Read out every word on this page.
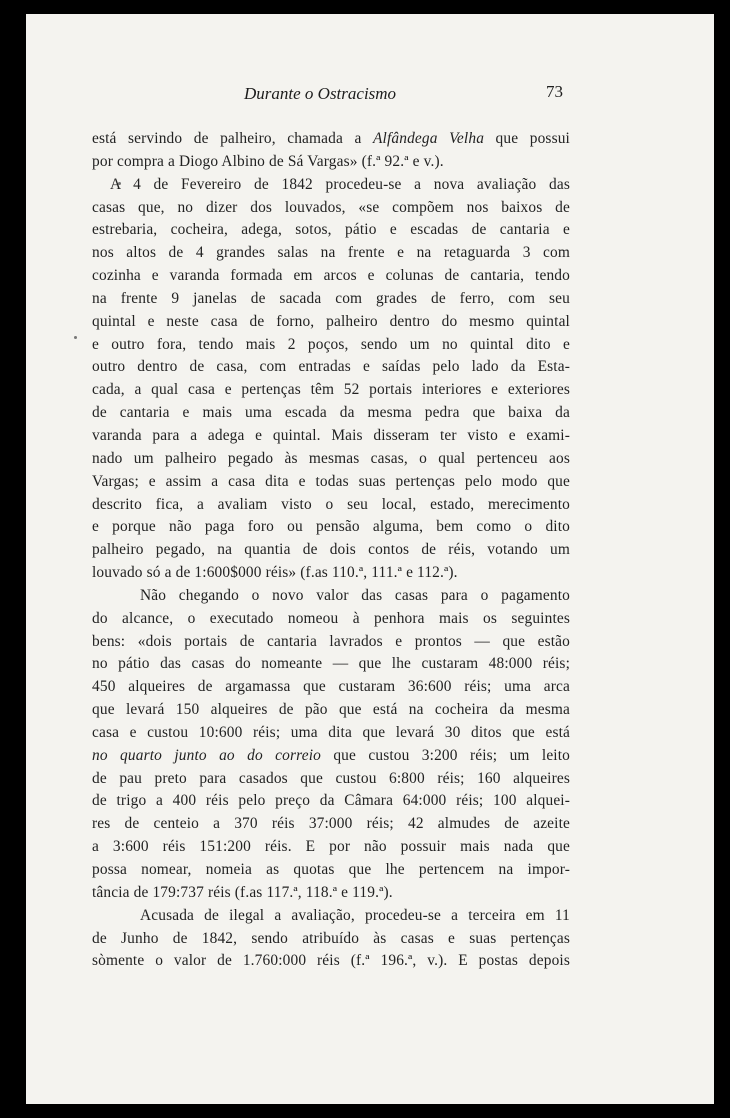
Durante o Ostracismo	73
está servindo de palheiro, chamada a Alfândega Velha que possui
por compra a Diogo Albino de Sá Vargas» (f.ª 92.ª e v.).
A 4 de Fevereiro de 1842 procedeu-se a nova avaliação das
casas que, no dizer dos louvados, «se compõem nos baixos de
estrebaria, cocheira, adega, sotos, pátio e escadas de cantaria e
nos altos de 4 grandes salas na frente e na retaguarda 3 com
cozinha e varanda formada em arcos e colunas de cantaria, tendo
na frente 9 janelas de sacada com grades de ferro, com seu
quintal e neste casa de forno, palheiro dentro do mesmo quintal
e outro fora, tendo mais 2 poços, sendo um no quintal dito e
outro dentro de casa, com entradas e saídas pelo lado da Esta-
cada, a qual casa e pertenças têm 52 portais interiores e exteriores
de cantaria e mais uma escada da mesma pedra que baixa da
varanda para a adega e quintal. Mais disseram ter visto e exami-
nado um palheiro pegado às mesmas casas, o qual pertenceu aos
Vargas; e assim a casa dita e todas suas pertenças pelo modo que
descrito fica, a avaliam visto o seu local, estado, merecimento
e porque não paga foro ou pensão alguma, bem como o dito
palheiro pegado, na quantia de dois contos de réis, votando um
louvado só a de 1:600$000 réis» (f.as 110.ª, 111.ª e 112.ª).
Não chegando o novo valor das casas para o pagamento
do alcance, o executado nomeou à penhora mais os seguintes
bens: «dois portais de cantaria lavrados e prontos — que estão
no pátio das casas do nomeante — que lhe custaram 48:000 réis;
450 alqueires de argamassa que custaram 36:600 réis; uma arca
que levará 150 alqueires de pão que está na cocheira da mesma
casa e custou 10:600 réis; uma dita que levará 30 ditos que está
no quarto junto ao do correio que custou 3:200 réis; um leito
de pau preto para casados que custou 6:800 réis; 160 alqueires
de trigo a 400 réis pelo preço da Câmara 64:000 réis; 100 alquei-
res de centeio a 370 réis 37:000 réis; 42 almudes de azeite
a 3:600 réis 151:200 réis. E por não possuir mais nada que
possa nomear, nomeia as quotas que lhe pertencem na impor-
tância de 179:737 réis (f.as 117.ª, 118.ª e 119.ª).
Acusada de ilegal a avaliação, procedeu-se a terceira em 11
de Junho de 1842, sendo atribuído às casas e suas pertenças
sòmente o valor de 1.760:000 réis (f.ª 196.ª, v.). E postas depois
